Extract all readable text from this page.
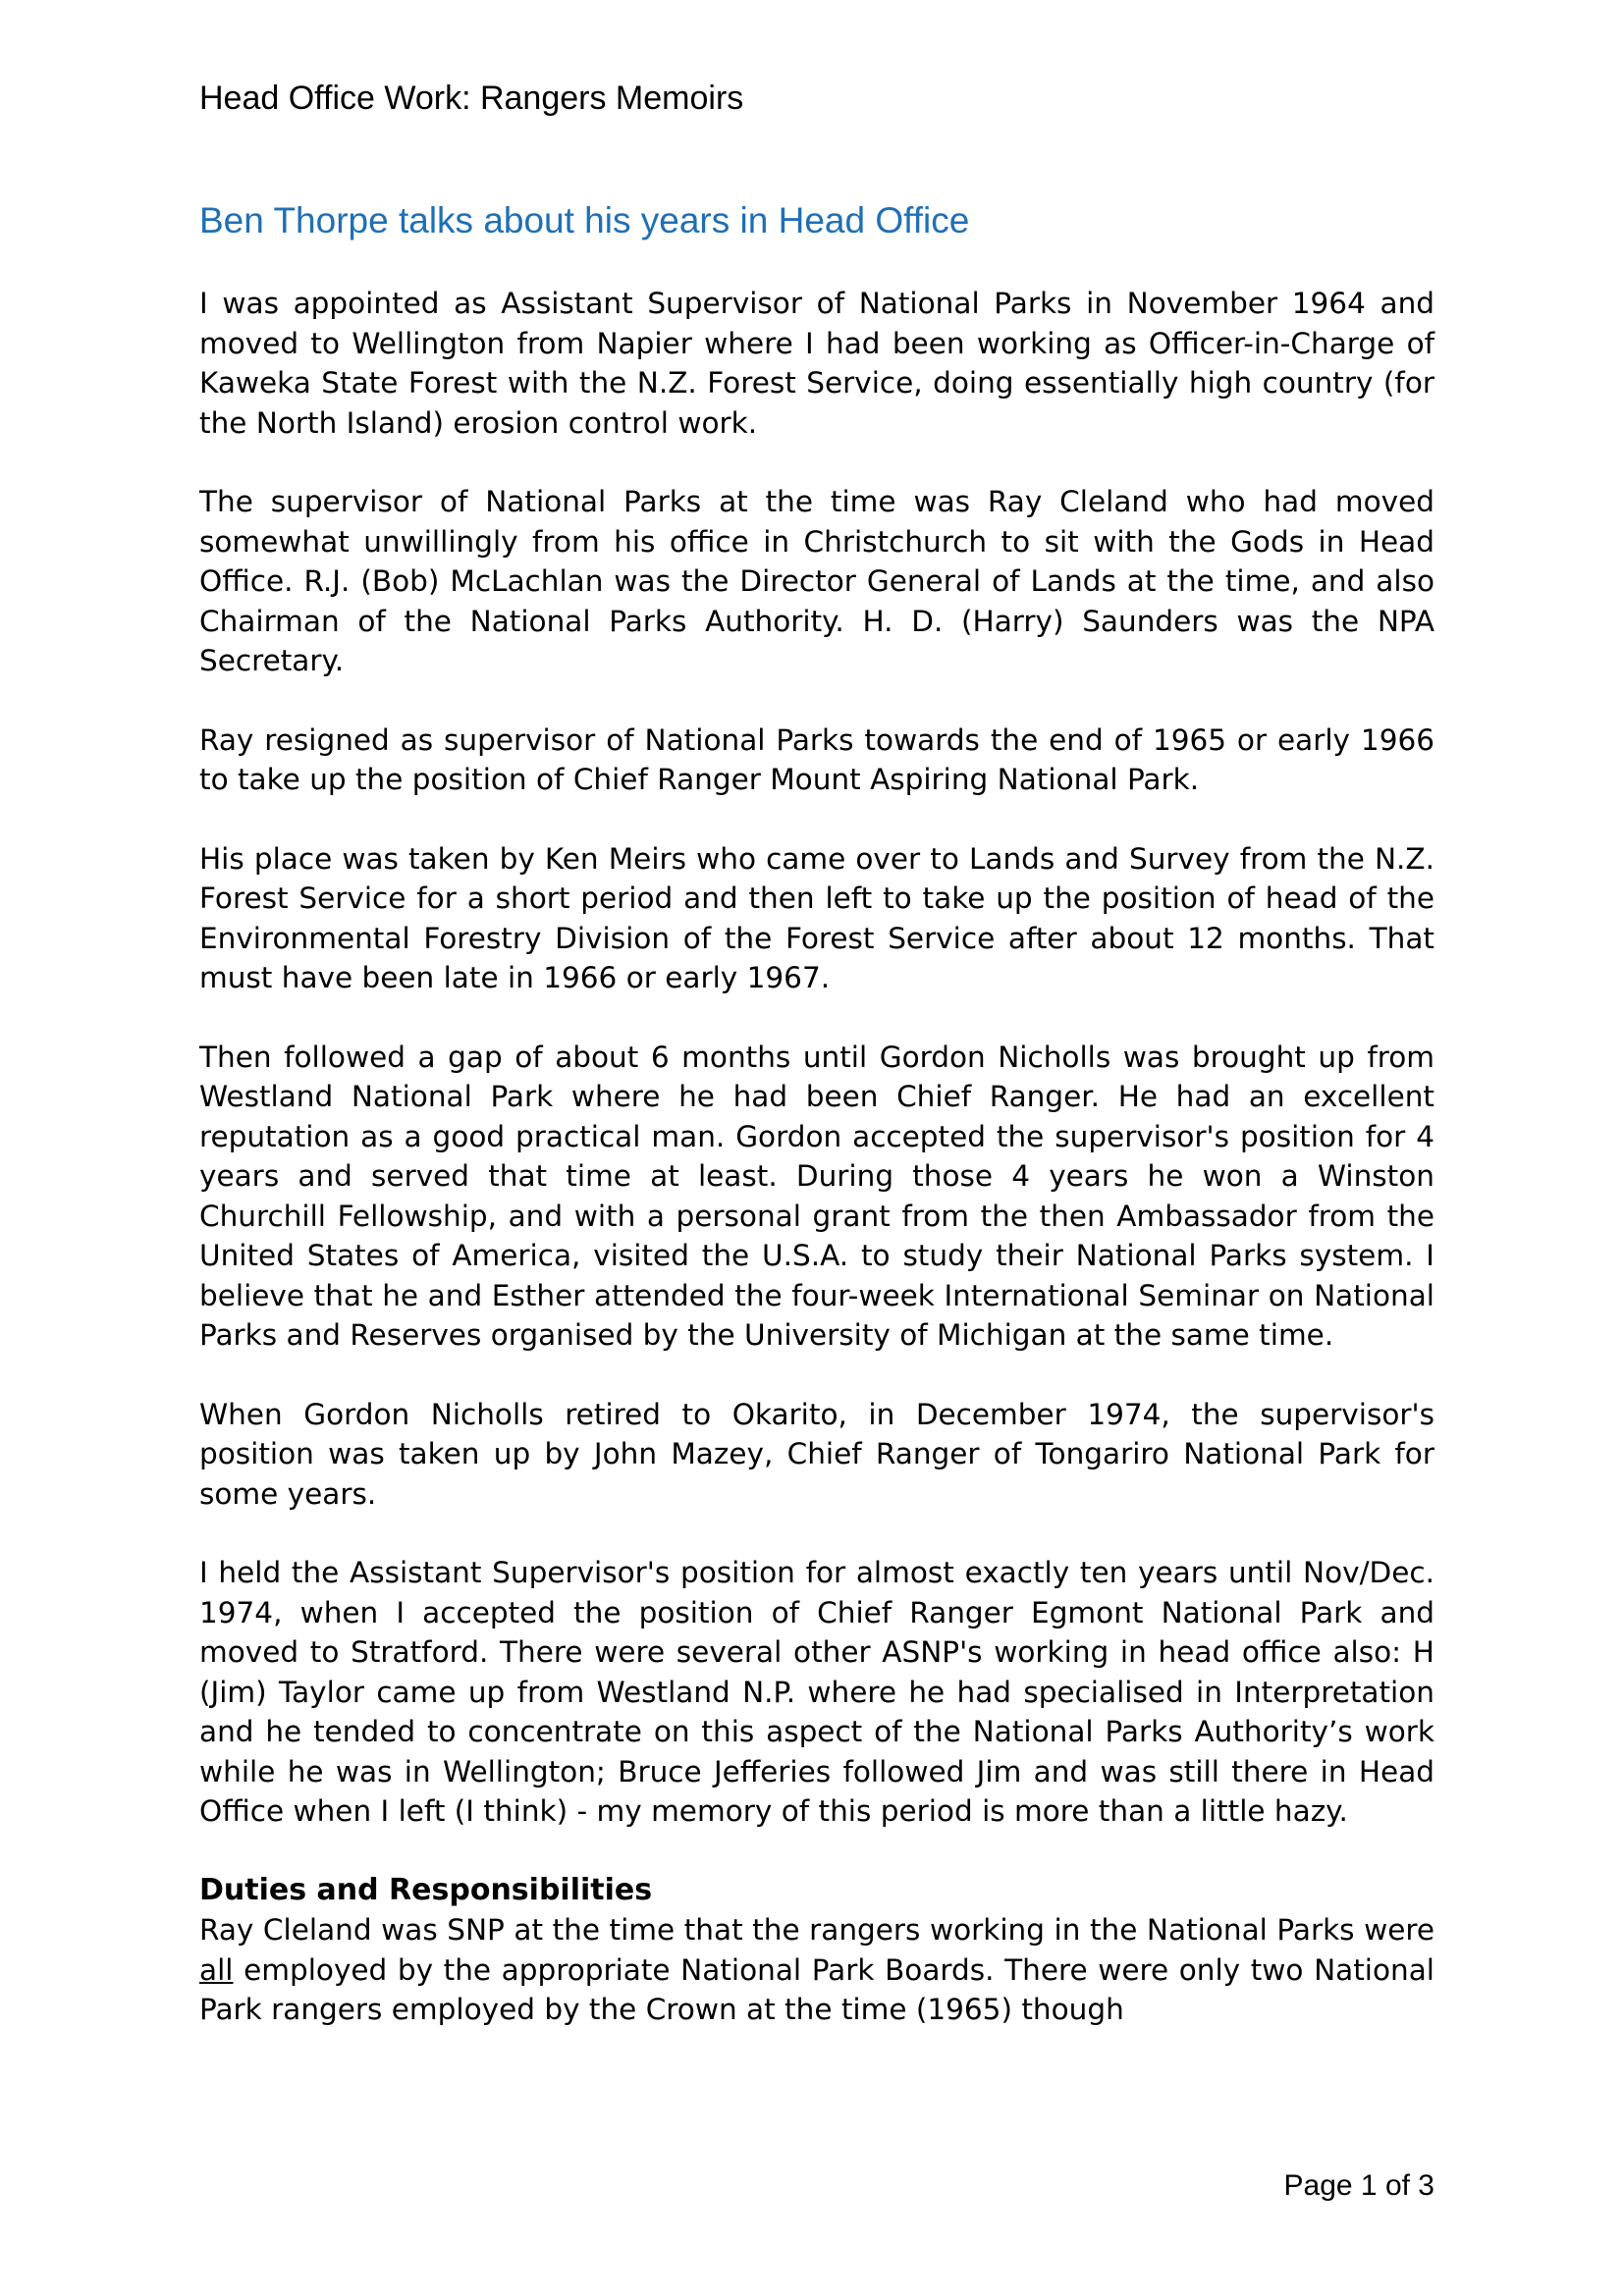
Head Office Work: Rangers Memoirs
Ben Thorpe talks about his years in Head Office

I was appointed as Assistant Supervisor of National Parks in November 1964 and moved to Wellington from Napier where I had been working as Officer-in-Charge of Kaweka State Forest with the N.Z. Forest Service, doing essentially high country (for the North Island) erosion control work.

The supervisor of National Parks at the time was Ray Cleland who had moved somewhat unwillingly from his office in Christchurch to sit with the Gods in Head Office. R.J. (Bob) McLachlan was the Director General of Lands at the time, and also Chairman of the National Parks Authority. H. D. (Harry) Saunders was the NPA Secretary.

Ray resigned as supervisor of National Parks towards the end of 1965 or early 1966 to take up the position of Chief Ranger Mount Aspiring National Park.

His place was taken by Ken Meirs who came over to Lands and Survey from the N.Z. Forest Service for a short period and then left to take up the position of head of the Environmental Forestry Division of the Forest Service after about 12 months. That must have been late in 1966 or early 1967.

Then followed a gap of about 6 months until Gordon Nicholls was brought up from Westland National Park where he had been Chief Ranger. He had an excellent reputation as a good practical man. Gordon accepted the supervisor's position for 4 years and served that time at least. During those 4 years he won a Winston Churchill Fellowship, and with a personal grant from the then Ambassador from the United States of America, visited the U.S.A. to study their National Parks system. I believe that he and Esther attended the four-week International Seminar on National Parks and Reserves organised by the University of Michigan at the same time.

When Gordon Nicholls retired to Okarito, in December 1974, the supervisor's position was taken up by John Mazey, Chief Ranger of Tongariro National Park for some years.

I held the Assistant Supervisor's position for almost exactly ten years until Nov/Dec. 1974, when I accepted the position of Chief Ranger Egmont National Park and moved to Stratford. There were several other ASNP's working in head office also: H (Jim) Taylor came up from Westland N.P. where he had specialised in Interpretation and he tended to concentrate on this aspect of the National Parks Authority’s work while he was in Wellington; Bruce Jefferies followed Jim and was still there in Head Office when I left (I think) - my memory of this period is more than a little hazy.

Duties and Responsibilities

Ray Cleland was SNP at the time that the rangers working in the National Parks were all employed by the appropriate National Park Boards. There were only two National Park rangers employed by the Crown at the time (1965) though

Page 1 of 3
